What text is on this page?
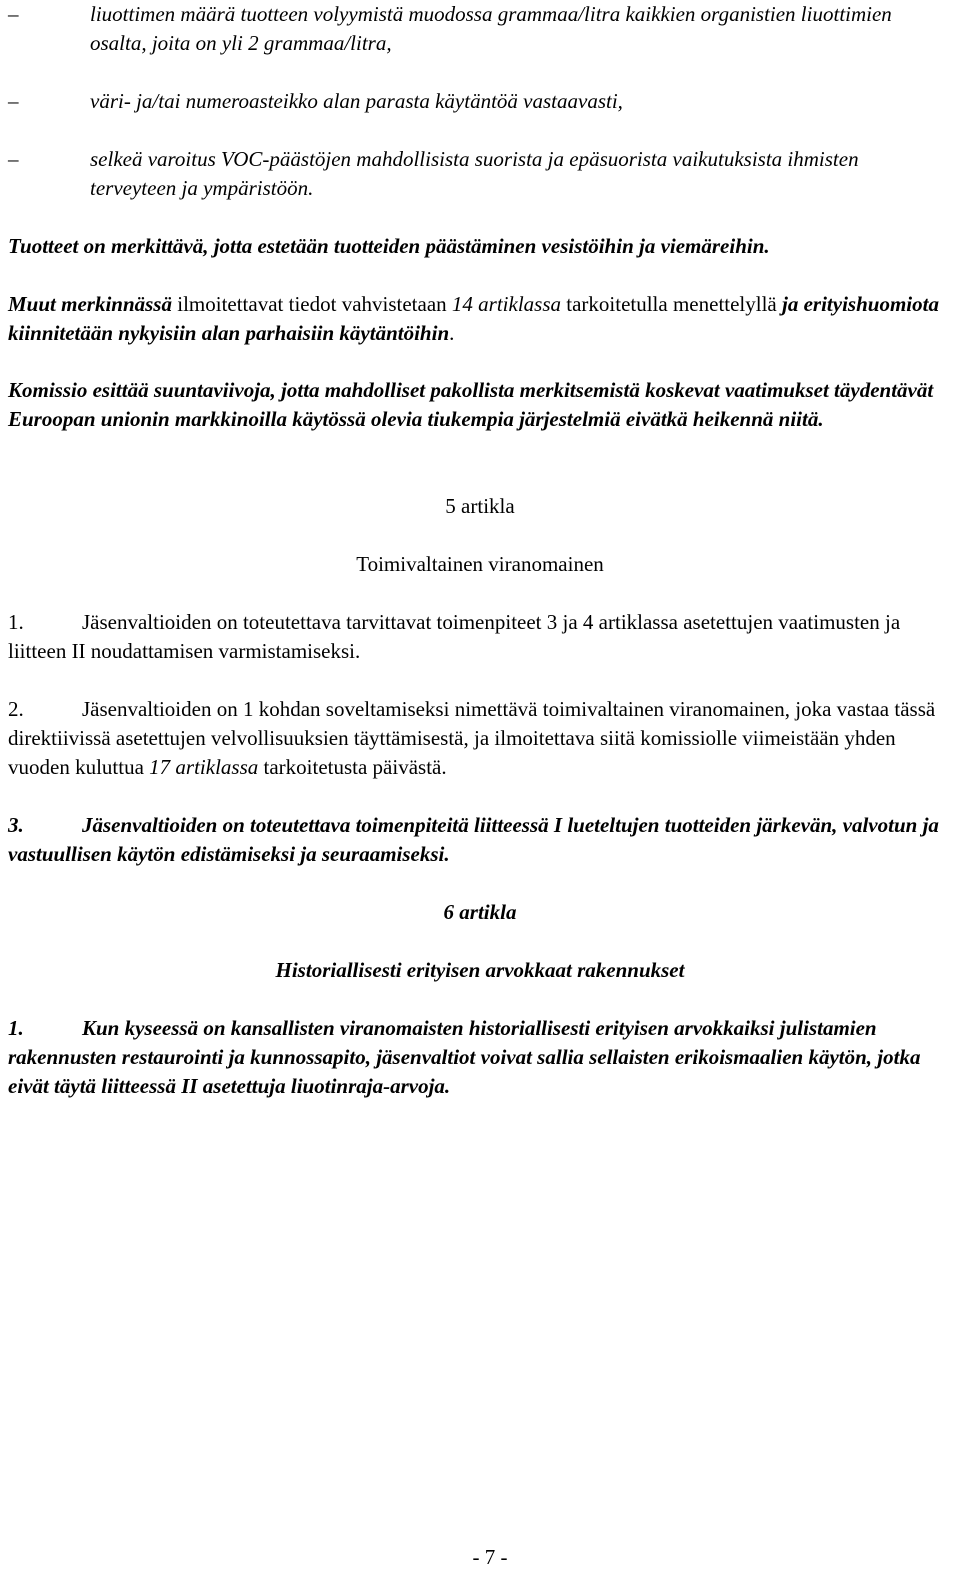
–	liuottimen määrä tuotteen volyymistä muodossa grammaa/litra kaikkien organistien liuottimien osalta, joita on yli 2 grammaa/litra,
–	väri- ja/tai numeroasteikko alan parasta käytäntöä vastaavasti,
–	selkeä varoitus VOC-päästöjen mahdollisista suorista ja epäsuorista vaikutuksista ihmisten terveyteen ja ympäristöön.
Tuotteet on merkittävä, jotta estetään tuotteiden päästäminen vesistöihin ja viemäreihin.
Muut merkinnässä ilmoitettavat tiedot vahvistetaan 14 artiklassa tarkoitetulla menettelyllä ja erityishuomiota kiinnitetään nykyisiin alan parhaisiin käytäntöihin.
Komissio esittää suuntaviivoja, jotta mahdolliset pakollista merkitsemistä koskevat vaatimukset täydentävät Euroopan unionin markkinoilla käytössä olevia tiukempia järjestelmiä eivätkä heikennä niitä.
5 artikla
Toimivaltainen viranomainen
1.	Jäsenvaltioiden on toteutettava tarvittavat toimenpiteet 3 ja 4 artiklassa asetettujen vaatimusten ja liitteen II noudattamisen varmistamiseksi.
2.	Jäsenvaltioiden on 1 kohdan soveltamiseksi nimettävä toimivaltainen viranomainen, joka vastaa tässä direktiivissä asetettujen velvollisuuksien täyttämisestä, ja ilmoitettava siitä komissiolle viimeistään yhden vuoden kuluttua 17 artiklassa tarkoitetusta päivästä.
3.	Jäsenvaltioiden on toteutettava toimenpiteitä liitteessä I lueteltujen tuotteiden järkevän, valvotun ja vastuullisen käytön edistämiseksi ja seuraamiseksi.
6 artikla
Historiallisesti erityisen arvokkaat rakennukset
1.	Kun kyseessä on kansallisten viranomaisten historiallisesti erityisen arvokkaiksi julistamien rakennusten restaurointi ja kunnossapito, jäsenvaltiot voivat sallia sellaisten erikoismaalien käytön, jotka eivät täytä liitteessä II asetettuja liuotinraja-arvoja.
- 7 -
